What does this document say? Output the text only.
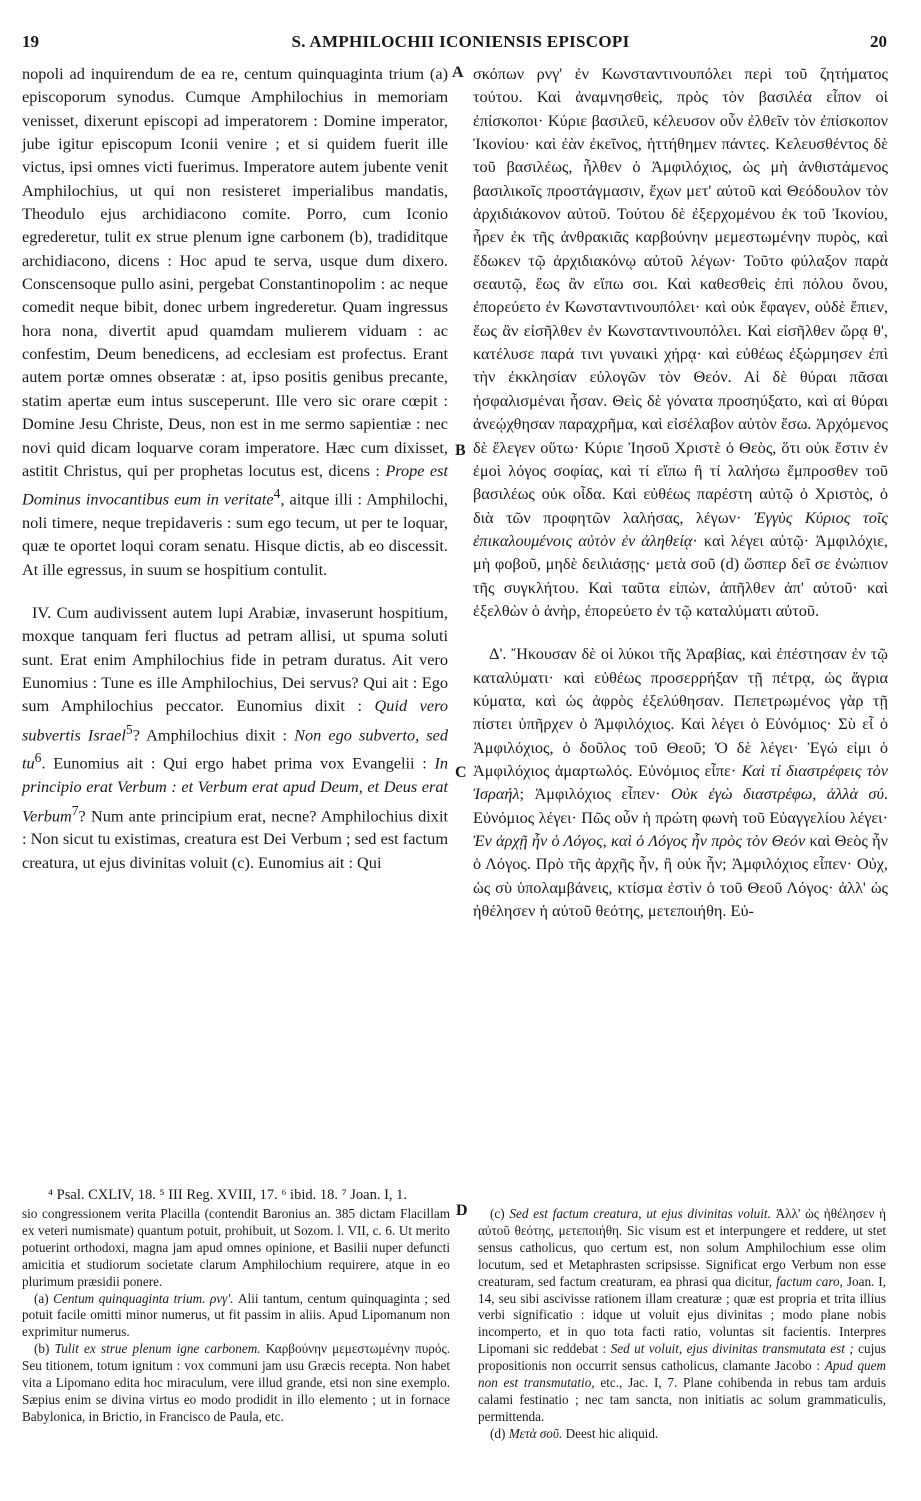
19	S. AMPHILOCHII ICONIENSIS EPISCOPI	20
A
B
C
D

nopoli ad inquirendum de ea re, centum quinquaginta trium (a) episcoporum synodus. Cumque Amphilochius in memoriam venisset, dixerunt episcopi ad imperatorem : Domine imperator, jube igitur episcopum Iconii venire ; et si quidem fuerit ille victus, ipsi omnes victi fuerimus. Imperatore autem jubente venit Amphilochius, ut qui non resisteret imperialibus mandatis, Theodulo ejus archidiacono comite. Porro, cum Iconio egrederetur, tulit ex strue plenum igne carbonem (b), tradiditque archidiacono, dicens : Hoc apud te serva, usque dum dixero. Conscensoque pullo asini, pergebat Constantinopolim : ac neque comedit neque bibit, donec urbem ingrederetur. Quam ingressus hora nona, divertit apud quamdam mulierem viduam : ac confestim, Deum benedicens, ad ecclesiam est profectus. Erant autem portæ omnes obseratæ : at, ipso positis genibus precante, statim apertæ eum intus susceperunt. Ille vero sic orare cœpit : Domine Jesu Christe, Deus, non est in me sermo sapientiæ : nec novi quid dicam loquarve coram imperatore. Hæc cum dixisset, astitit Christus, qui per prophetas locutus est, dicens : Prope est Dominus invocantibus eum in veritate$^4$, aitque illi : Amphilochi, noli timere, neque trepidaveris : sum ego tecum, ut per te loquar, quæ te oportet loqui coram senatu. Hisque dictis, ab eo discessit. At ille egressus, in suum se hospitium contulit.

IV. Cum audivissent autem lupi Arabiæ, invaserunt hospitium, moxque tanquam feri fluctus ad petram allisi, ut spuma soluti sunt. Erat enim Amphilochius fide in petram duratus. Ait vero Eunomius : Tune es ille Amphilochius, Dei servus? Qui ait : Ego sum Amphilochius peccator. Eunomius dixit : Quid vero subvertis Israel$^5$? Amphilochius dixit : Non ego subverto, sed $tu^6$. Eunomius ait : Qui ergo habet prima vox Evangelii : In principio erat Verbum : et Verbum erat apud Deum, et Deus erat Verbum$^7$? Num ante principium erat, necne? Amphilochius dixit : Non sicut tu existimas, creatura est Dei Verbum ; sed est factum creatura, ut ejus divinitas voluit (c). Eunomius ait : Qui

σκόπων ρνγ' ἐν Κωνσταντινουπόλει περὶ τοῦ ζητήματος τούτου. Καὶ ἀναμνησθεὶς, πρὸς τὸν βασιλέα εἶπον οἱ ἐπίσκοποι· Κύριε βασιλεῦ, κέλευσον οὖν ἐλθεῖν τὸν ἐπίσκοπον Ἰκονίου· καὶ ἐὰν ἐκεῖνος, ἡττήθημεν πάντες. Κελευσθέντος δὲ τοῦ βασιλέως, ἦλθεν ὁ Ἀμφιλόχιος, ὡς μὴ ἀνθιστάμενος βασιλικοῖς προστάγμασιν, ἔχων μετ' αὐτοῦ καὶ Θεόδουλον τὸν ἀρχιδιάκονον αὐτοῦ. Τούτου δὲ ἐξερχομένου ἐκ τοῦ Ἰκονίου, ἦρεν ἐκ τῆς ἀνθρακιᾶς καρβούνην μεμεστωμένην πυρὸς, καὶ ἔδωκεν τῷ ἀρχιδιακόνῳ αὐτοῦ λέγων· Τοῦτο φύλαξον παρὰ σεαυτῷ, ἕως ἂν εἴπω σοι. Καὶ καθεσθεὶς ἐπὶ πόλου ὄνου, ἐπορεύετο ἐν Κωνσταντινουπόλει· καὶ οὐκ ἔφαγεν, οὐδὲ ἔπιεν, ἕως ἂν εἰσῆλθεν ἐν Κωνσταντινουπόλει. Καὶ εἰσῆλθεν ὥρᾳ θ', κατέλυσε παρά τινι γυναικὶ χήρᾳ· καὶ εὐθέως ἐξώρμησεν ἐπὶ τὴν ἐκκλησίαν εὐλογῶν τὸν Θεόν. Αἱ δὲ θύραι πᾶσαι ἠσφαλισμέναι ἦσαν. Θεὶς δὲ γόνατα προσηύξατο, καὶ αἱ θύραι ἀνεῴχθησαν παραχρῆμα, καὶ εἰσέλαβον αὐτὸν ἔσω. Ἀρχόμενος δὲ ἔλεγεν οὕτω· Κύριε Ἰησοῦ Χριστὲ ὁ Θεὸς, ὅτι οὐκ ἔστιν ἐν ἐμοὶ λόγος σοφίας, καὶ τί εἴπω ἢ τί λαλήσω ἔμπροσθεν τοῦ βασιλέως οὐκ οἶδα. Καὶ εὐθέως παρέστη αὐτῷ ὁ Χριστὸς, ὁ διὰ τῶν προφητῶν λαλήσας, λέγων· Ἐγγὺς Κύριος τοῖς ἐπικαλουμένοις αὐτὸν ἐν ἀληθείᾳ· καὶ λέγει αὐτῷ· Ἀμφιλόχιε, μὴ φοβοῦ, μηδὲ δειλιάσῃς· μετὰ σοῦ (d) ὥσπερ δεῖ σε ἐνώπιον τῆς συγκλήτου. Καὶ ταῦτα εἰπὼν, ἀπῆλθεν ἀπ' αὐτοῦ· καὶ ἐξελθὼν ὁ ἀνὴρ, ἐπορεύετο ἐν τῷ καταλύματι αὐτοῦ.

Δ'. Ἤκουσαν δὲ οἱ λύκοι τῆς Ἀραβίας, καὶ ἐπέστησαν ἐν τῷ καταλύματι· καὶ εὐθέως προσερρήξαν τῇ πέτρᾳ, ὡς ἄγρια κύματα, καὶ ὡς ἀφρὸς ἐξελύθησαν. Πεπετρωμένος γὰρ τῇ πίστει ὑπῆρχεν ὁ Ἀμφιλόχιος. Καὶ λέγει ὁ Εὐνόμιος· Σὺ εἶ ὁ Ἀμφιλόχιος, ὁ δοῦλος τοῦ Θεοῦ; Ὁ δὲ λέγει· Ἐγώ εἰμι ὁ Ἀμφιλόχιος ἁμαρτωλός. Εὐνόμιος εἶπε· Καὶ τί διαστρέφεις τὸν Ἰσραήλ; Ἀμφιλόχιος εἶπεν· Οὐκ ἐγὼ διαστρέφω, ἀλλὰ σύ. Εὐνόμιος λέγει· Πῶς οὖν ἡ πρώτη φωνὴ τοῦ Εὐαγγελίου λέγει· Ἐν ἀρχῇ ἦν ὁ Λόγος, καὶ ὁ Λόγος ἦν πρὸς τὸν Θεόν καὶ Θεὸς ἦν ὁ Λόγος. Πρὸ τῆς ἀρχῆς ἦν, ἢ οὐκ ἦν; Ἀμφιλόχιος εἶπεν· Οὐχ, ὡς σὺ ὑπολαμβάνεις, κτίσμα ἐστὶν ὁ τοῦ Θεοῦ Λόγος· ἀλλ' ὡς ἠθέλησεν ἡ αὐτοῦ θεότης, μετεποιήθη. Εὐ-

⁴ Psal. CXLIV, 18. ⁵ III Reg. XVIII, 17. ⁶ ibid. 18. ⁷ Joan. I, 1.

sio congressionem verita Placilla (contendit Baronius an. 385 dictam Flacillam ex veteri numismate) quantum potuit, prohibuit, ut Sozom. l. VII, c. 6. Ut merito potuerint orthodoxi, magna jam apud omnes opinione, et Basilii nuper defuncti amicitia et studiorum societate clarum Amphilochium requirere, atque in eo plurimum præsidii ponere.

(a) Centum quinquaginta trium. ρνγ'. Alii tantum, centum quinquaginta ; sed potuit facile omitti minor numerus, ut fit passim in aliis. Apud Lipomanum non exprimitur numerus.

(b) Tulit ex strue plenum igne carbonem. Καρβούνην μεμεστωμένην πυρός. Seu titionem, totum ignitum : vox communi jam usu Græcis recepta. Non habet vita a Lipomano edita hoc miraculum, vere illud grande, etsi non sine exemplo. Sæpius enim se divina virtus eo modo prodidit in illo elemento ; ut in fornace Babylonica, in Brictio, in Francisco de Paula, etc.

(c) Sed est factum creatura, ut ejus divinitas voluit. Ἀλλ' ὡς ἠθέλησεν ἡ αὐτοῦ θεότης, μετεποιήθη. Sic visum est et interpungere et reddere, ut stet sensus catholicus, quo certum est, non solum Amphilochium esse olim locutum, sed et Metaphrasten scripsisse. Significat ergo Verbum non esse creaturam, sed factum creaturam, ea phrasi qua dicitur, factum caro, Joan. I, 14, seu sibi ascivisse rationem illam creaturæ ; quæ est propria et trita illius verbi significatio : idque ut voluit ejus divinitas ; modo plane nobis incomperto, et in quo tota facti ratio, voluntas sit facientis. Interpres Lipomani sic reddebat : Sed ut voluit, ejus divinitas transmutata est ; cujus propositionis non occurrit sensus catholicus, clamante Jacobo : Apud quem non est transmutatio, etc., Jac. I, 7. Plane cohibenda in rebus tam arduis calami festinatio ; nec tam sancta, non initiatis ac solum grammaticulis, permittenda.

(d) Μετὰ σοῦ. Deest hic aliquid.
